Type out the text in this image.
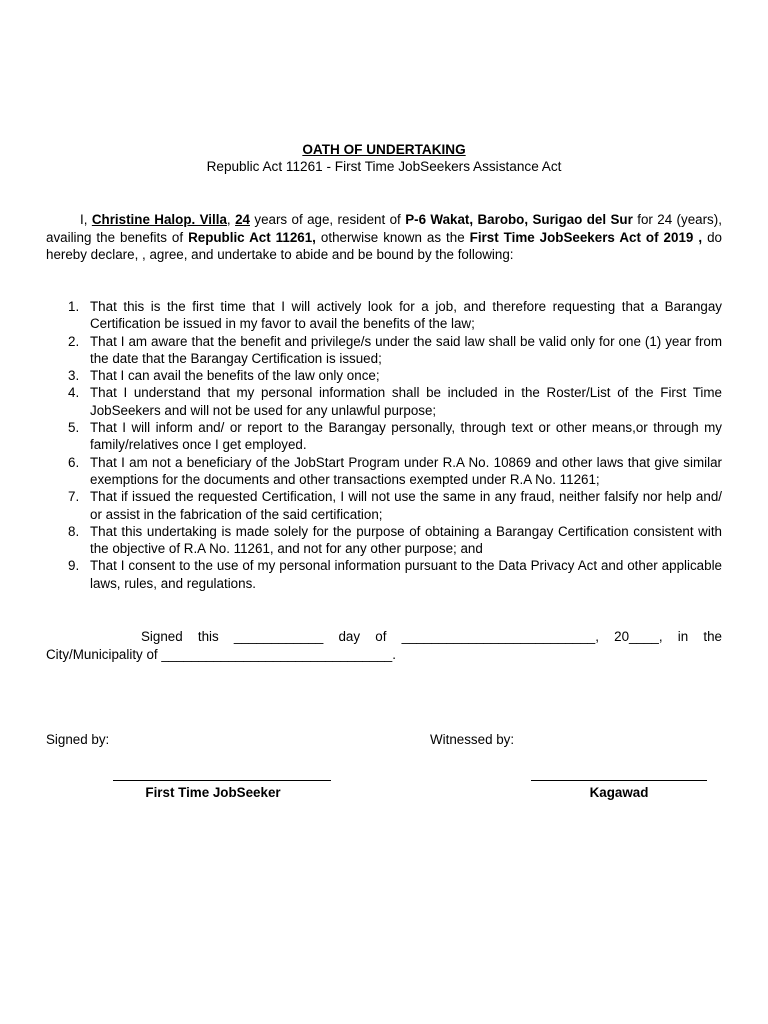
OATH OF UNDERTAKING
Republic Act 11261 - First Time JobSeekers Assistance Act
I, Christine Halop. Villa, 24 years of age, resident of P-6 Wakat, Barobo, Surigao del Sur for 24 (years), availing the benefits of Republic Act 11261, otherwise known as the First Time JobSeekers Act of 2019 , do hereby declare, , agree, and undertake to abide and be bound by the following:
1. That this is the first time that I will actively look for a job, and therefore requesting that a Barangay Certification be issued in my favor to avail the benefits of the law;
2. That I am aware that the benefit and privilege/s under the said law shall be valid only for one (1) year from the date that the Barangay Certification is issued;
3. That I can avail the benefits of the law only once;
4. That I understand that my personal information shall be included in the Roster/List of the First Time JobSeekers and will not be used for any unlawful purpose;
5. That I will inform and/ or report to the Barangay personally, through text or other means,or through my family/relatives once I get employed.
6. That I am not a beneficiary of the JobStart Program under R.A No. 10869 and other laws that give similar exemptions for the documents and other transactions exempted under R.A No. 11261;
7. That if issued the requested Certification, I will not use the same in any fraud, neither falsify nor help and/ or assist in the fabrication of the said certification;
8. That this undertaking is made solely for the purpose of obtaining a Barangay Certification consistent with the objective of R.A No. 11261, and not for any other purpose; and
9. That I consent to the use of my personal information pursuant to the Data Privacy Act and other applicable laws, rules, and regulations.
Signed this ____________ day of __________________________, 20____, in the City/Municipality of _______________________________.
Signed by:	Witnessed by:
First Time JobSeeker	Kagawad
